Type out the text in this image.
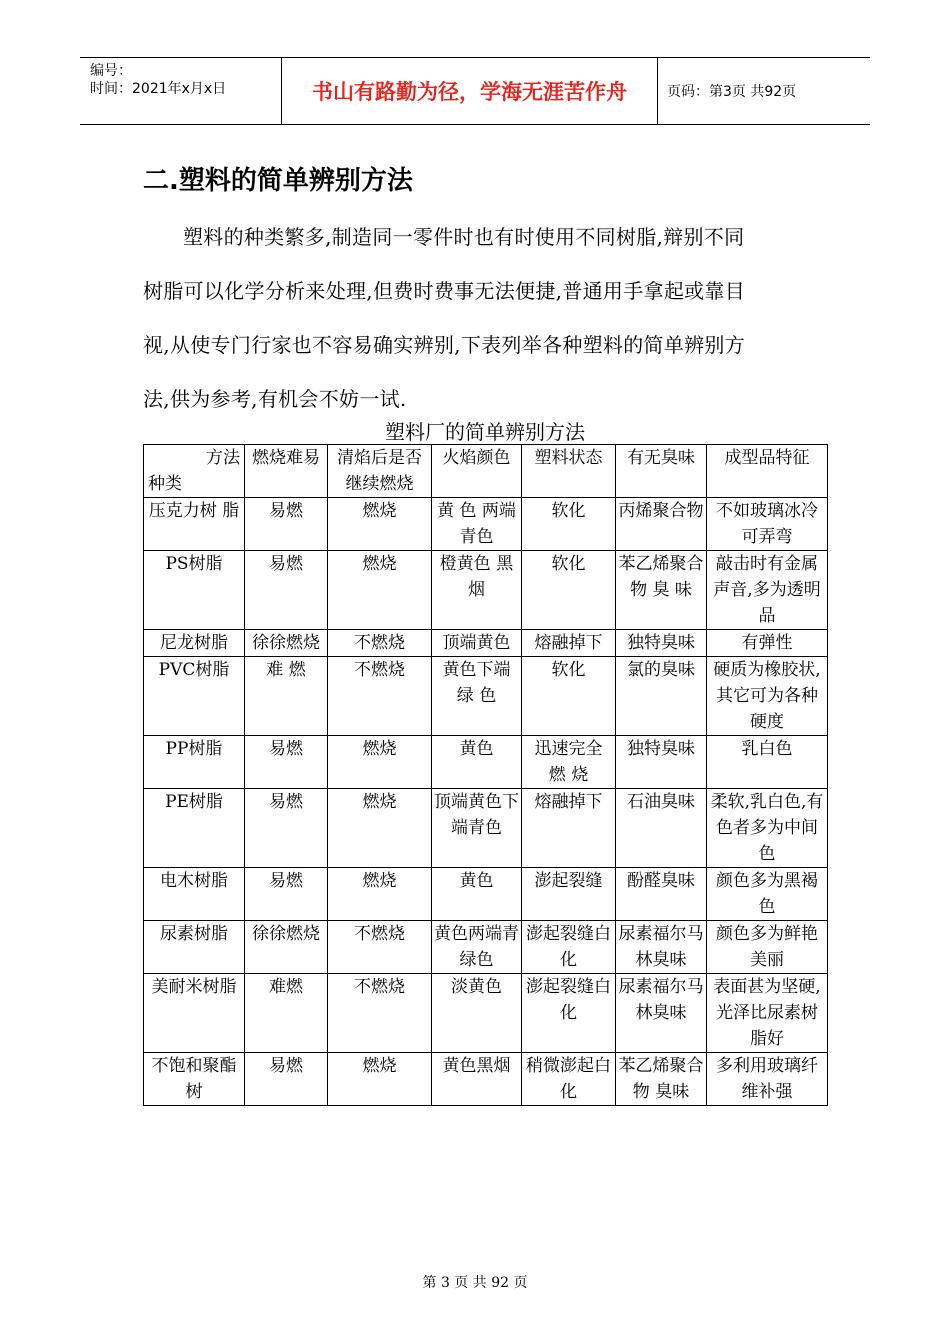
编号：
时间：2021年x月x日	书山有路勤为径，学海无涯苦作舟	页码：第3页 共92页
二.塑料的简单辨别方法

塑料的种类繁多,制造同一零件时也有时使用不同树脂,辩别不同
树脂可以化学分析来处理,但费时费事无法便捷,普通用手拿起或靠目
视,从使专门行家也不容易确实辨别,下表列举各种塑料的简单辨别方
法,供为参考,有机会不妨一试.

塑料厂的简单辨别方法
方法
种类	燃烧难易	清焰后是否继续燃烧	火焰颜色	塑料状态	有无臭味	成型品特征
压克力树 脂	易燃	燃烧	黄 色 两端青色	软化	丙烯聚合物	不如玻璃冰冷可弄弯
PS树脂	易燃	燃烧	橙黄色 黑 烟	软化	苯乙烯聚合物 臭 味	敲击时有金属声音,多为透明品
尼龙树脂	徐徐燃烧	不燃烧	顶端黄色	熔融掉下	独特臭味	有弹性
PVC树脂	难 燃	不燃烧	黄色下端 绿 色	软化	氯的臭味	硬质为橡胶状,其它可为各种硬度
PP树脂	易燃	燃烧	黄色	迅速完全 燃 烧	独特臭味	乳白色
PE树脂	易燃	燃烧	顶端黄色下端青色	熔融掉下	石油臭味	柔软,乳白色,有色者多为中间色
电木树脂	易燃	燃烧	黄色	澎起裂缝	酚醛臭味	颜色多为黑褐色
尿素树脂	徐徐燃烧	不燃烧	黄色两端青绿色	澎起裂缝白化	尿素福尔马林臭味	颜色多为鲜艳美丽
美耐米树脂	难燃	不燃烧	淡黄色	澎起裂缝白化	尿素福尔马林臭味	表面甚为坚硬,光泽比尿素树脂好
不饱和聚酯树	易燃	燃烧	黄色黑烟	稍微澎起白化	苯乙烯聚合物 臭味	多利用玻璃纤维补强
第 3 页 共 92 页
